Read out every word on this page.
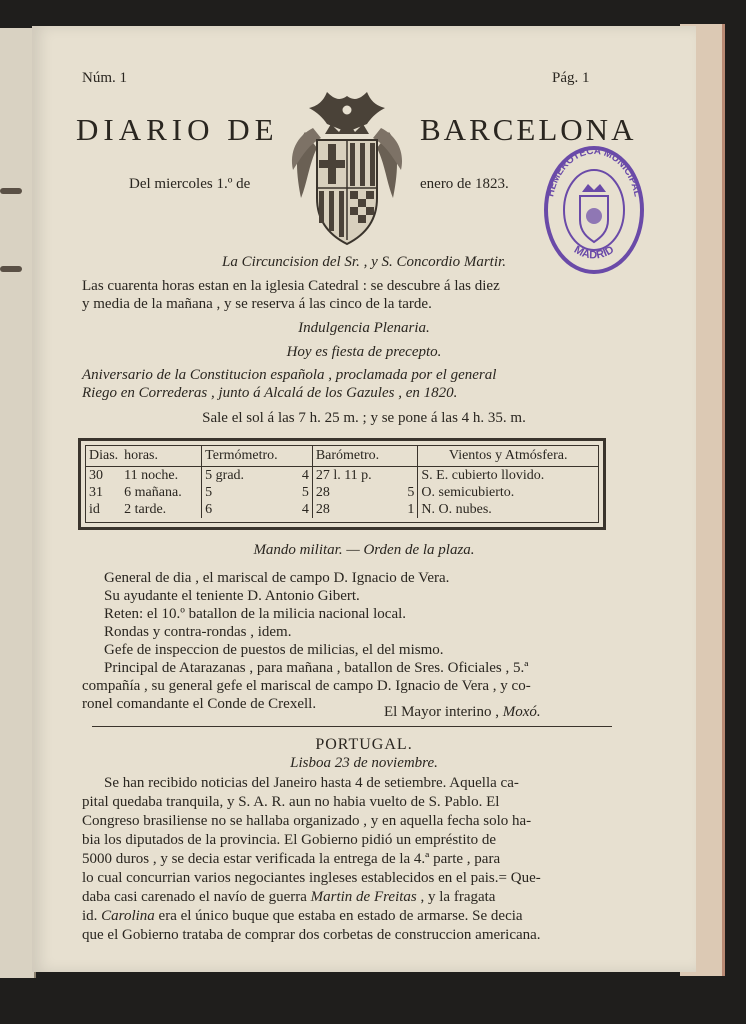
Núm. 1	Pág. 1
DIARIO DE	BARCELONA
Del miercoles 1.º de	enero de 1823.
HEMEROTECA MUNICIPAL
MADRID
La Circuncision del Sr. , y S. Concordio Martir.
Las cuarenta horas estan en la iglesia Catedral : se descubre á las diez
y media de la mañana , y se reserva á las cinco de la tarde.
Indulgencia Plenaria.
Hoy es fiesta de precepto.
Aniversario de la Constitucion española , proclamada por el general
Riego en Correderas , junto á Alcalá de los Gazules , en 1820.
Sale el sol á las 7 h. 25 m. ; y se pone á las 4 h. 35. m.
Dias.	horas.	Termómetro.		Barómetro.		Vientos y Atmósfera.
30	11 noche.	5 grad.	4	27 l. 11 p.		S. E. cubierto llovido.
31	6 mañana.	5	5	28	5	O. semicubierto.
id	2 tarde.	6	4	28	1	N. O. nubes.
Mando militar. — Orden de la plaza.
General de dia , el mariscal de campo D. Ignacio de Vera.
Su ayudante el teniente D. Antonio Gibert.
Reten: el 10.º batallon de la milicia nacional local.
Rondas y contra-rondas , idem.
Gefe de inspeccion de puestos de milicias, el del mismo.
Principal de Atarazanas , para mañana , batallon de Sres. Oficiales , 5.ª
compañía , su general gefe el mariscal de campo D. Ignacio de Vera , y co-
ronel comandante el Conde de Crexell.	El Mayor interino , Moxó.
PORTUGAL.
Lisboa 23 de noviembre.
Se han recibido noticias del Janeiro hasta 4 de setiembre. Aquella ca-
pital quedaba tranquila, y S. A. R. aun no habia vuelto de S. Pablo. El
Congreso brasiliense no se hallaba organizado , y en aquella fecha solo ha-
bia los diputados de la provincia. El Gobierno pidió un empréstito de
5000 duros , y se decia estar verificada la entrega de la 4.ª parte , para
lo cual concurrian varios negociantes ingleses establecidos en el pais.= Que-
daba casi carenado el navío de guerra Martin de Freitas , y la fragata
id. Carolina era el único buque que estaba en estado de armarse. Se decia
que el Gobierno trataba de comprar dos corbetas de construccion americana.
